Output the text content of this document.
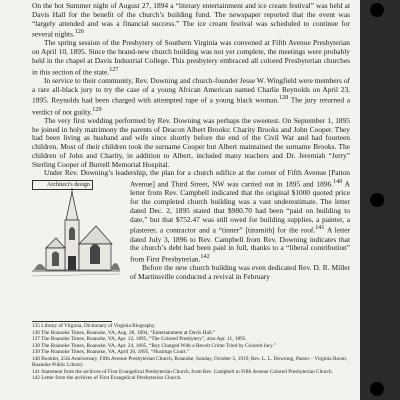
On the hot Summer night of August 27, 1894 a “literary entertainment and ice cream festival” was held at Davis Hall for the benefit of the church’s building fund. The newspaper reported that the event was “largely attended and was a financial success.” The ice cream festival was scheduled to continue for several nights.$^{126}$

The spring session of the Presbytery of Southern Virginia was convened at Fifth Avenue Presbyterian on April 10, 1895. Since the brand-new church building was not yet complete, the meetings were probably held in the chapel at Davis Industrial College. This presbytery embraced all colored Presbyterian churches in this section of the state.$^{127}$

In service to their community, Rev. Downing and church-founder Jesse W. Wingfield were members of a rare all-black jury to try the case of a young African American named Charlie Reynolds on April 23, 1895. Reynolds had been charged with attempted rape of a young black woman.$^{128}$ The jury returned a verdict of not guilty.$^{129}$

The very first wedding performed by Rev. Downing was perhaps the sweetest. On September 1, 1895 he joined in holy matrimony the parents of Deacon Albert Brooks: Charity Brooks and John Cooper. They had been living as husband and wife since shortly before the end of the Civil War and had fourteen children. Most of their children took the surname Cooper but Albert maintained the surname Brooks. The children of John and Charity, in addition to Albert, included many teachers and Dr. Jeremiah “Jerry” Sterling Cooper of Burrell Memorial Hospital.

Under Rev. Downing’s leadership, the plan for a church edifice at the corner of Fifth Avenue [Patton Avenue] and Third Street, NW was carried out in 1895 and 1896.$^{140}$
Architect's design	A letter from Rev. Campbell indicated that the original $1000 quoted price for the completed church building was a vast underestimate. The letter dated Dec. 2, 1895 stated that $980.70 had been “paid on building to date,” but that $752.47 was still owed for building supplies, a painter, a plasterer, a contractor and a “tinner” [tinsmith] for the roof.$^{141}$ A letter dated July 3, 1896 to Rev. Campbell from Rev. Downing indicates that the church’s debt had been paid in full, thanks to a “liberal contribution” from First Presbyterian.$^{142}$

Before the new church building was even dedicated Rev. D. R. Miller of Martinsville conducted a revival in February

135 Library of Virginia, Dictionary of Virginia Biography.
136 The Roanoke Times, Roanoke, VA, Aug. 28, 1894, “Entertainment at Davis Hall.”
137 The Roanoke Times, Roanoke, VA, Apr. 12, 1895, “The Colored Presbytery”, also Apr. 11, 1895.
138 The Roanoke Times, Roanoke, VA, Apr. 24, 1895, “Boy Charged With a Revolt Crime Tried by Colored Jury.”
139 The Roanoke Times, Roanoke, VA, April 26, 1895, “Hustings Court.”
140 Booklet, 25th Anniversary, Fifth Avenue Presbyterian Church, Roanoke, Sunday, October 5, 1919, Rev. L. L. Downing, Pastor – Virginia Room, Roanoke Public Library.
141 Statement from the archives of First Evangelical Presbyterian Church, from Rev. Campbell to Fifth Avenue Colored Presbyterian Church.
142 Letter from the archives of First Evangelical Presbyterian Church.
